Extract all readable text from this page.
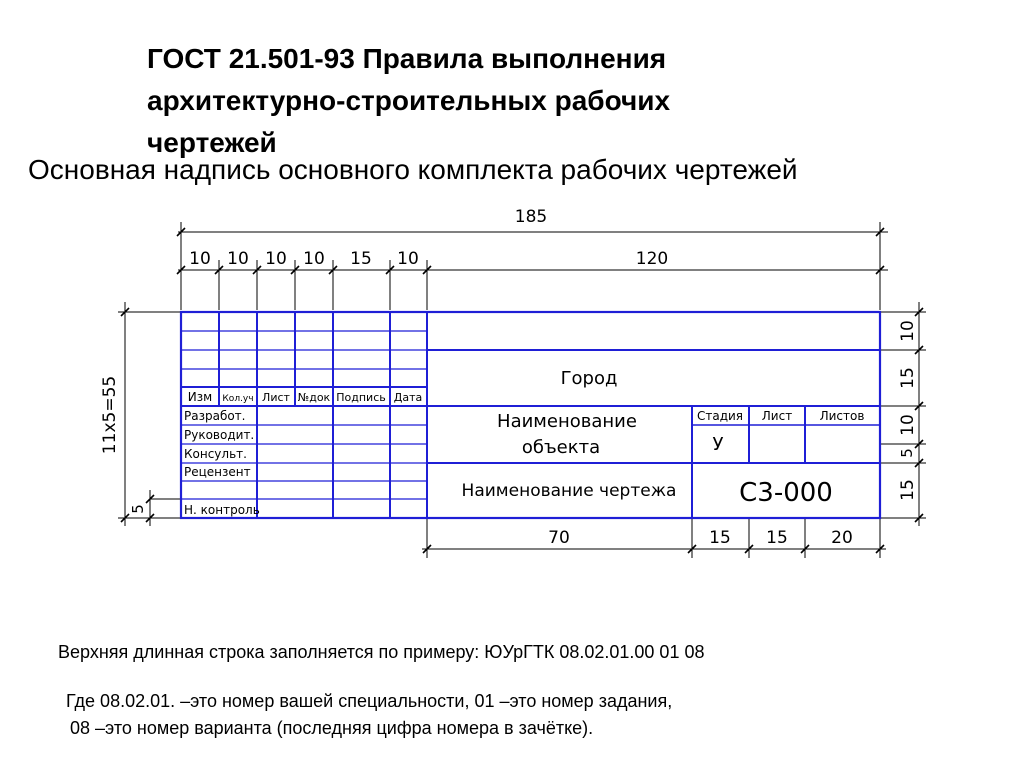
ГОСТ 21.501-93 Правила выполнения
архитектурно-строительных рабочих
чертежей
Основная надпись основного комплекта рабочих чертежей
185
10 10 10 10 15 10	120
11x5=55
5
10
15
10
5
15
70	15 15	20
Изм Кол.уч Лист №док Подпись Дата
Разработ.
Руководит.
Консульт.
Рецензент
Н. контроль
Город
Наименование
объекта
Наименование чертежа
Стадия Лист Листов
У
С3-000
Верхняя длинная строка заполняется по примеру: ЮУрГТК 08.02.01.00 01 08
Где 08.02.01. –это номер вашей специальности, 01 –это номер задания,
08 –это номер варианта (последняя цифра номера в зачётке).
